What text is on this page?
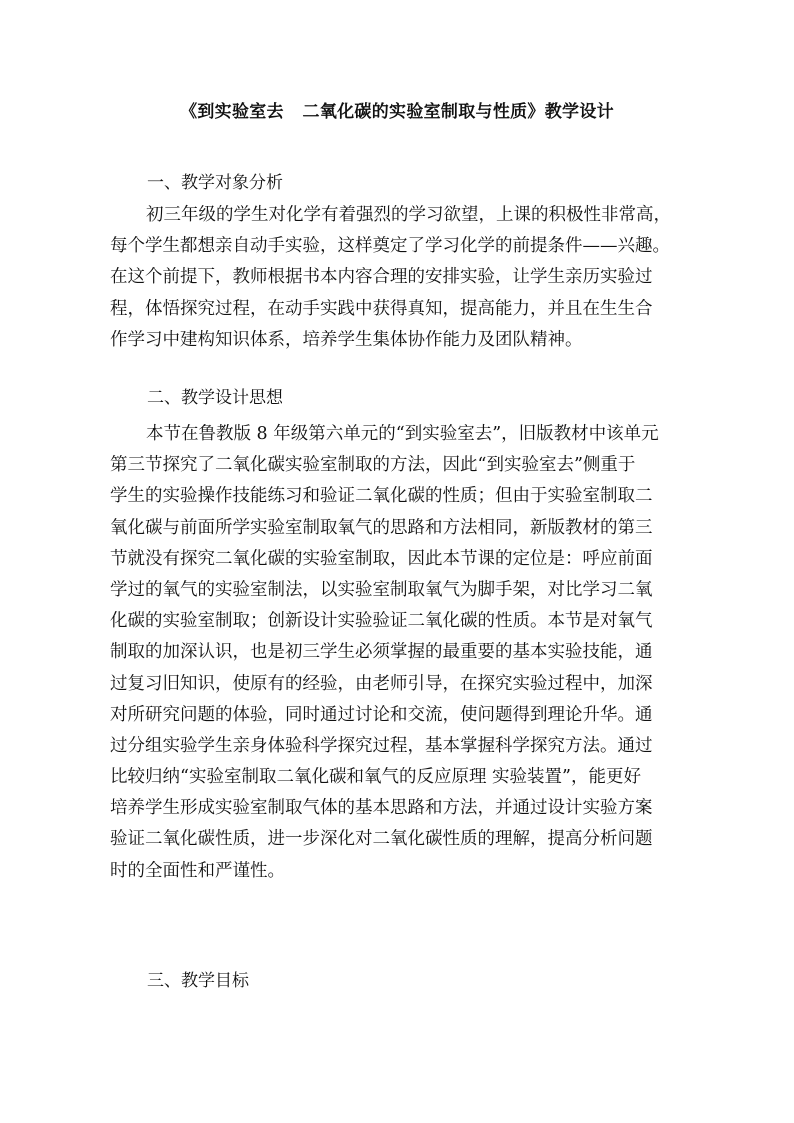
《到实验室去   二氧化碳的实验室制取与性质》教学设计
一、教学对象分析
初三年级的学生对化学有着强烈的学习欲望，上课的积极性非常高，
每个学生都想亲自动手实验，这样奠定了学习化学的前提条件——兴趣。
在这个前提下，教师根据书本内容合理的安排实验，让学生亲历实验过
程，体悟探究过程，在动手实践中获得真知，提高能力，并且在生生合
作学习中建构知识体系，培养学生集体协作能力及团队精神。
二、教学设计思想
本节在鲁教版 8 年级第六单元的“到实验室去”，旧版教材中该单元
第三节探究了二氧化碳实验室制取的方法，因此“到实验室去”侧重于
学生的实验操作技能练习和验证二氧化碳的性质；但由于实验室制取二
氧化碳与前面所学实验室制取氧气的思路和方法相同，新版教材的第三
节就没有探究二氧化碳的实验室制取，因此本节课的定位是：呼应前面
学过的氧气的实验室制法，以实验室制取氧气为脚手架，对比学习二氧
化碳的实验室制取；创新设计实验验证二氧化碳的性质。本节是对氧气
制取的加深认识，也是初三学生必须掌握的最重要的基本实验技能，通
过复习旧知识，使原有的经验，由老师引导，在探究实验过程中，加深
对所研究问题的体验，同时通过讨论和交流，使问题得到理论升华。通
过分组实验学生亲身体验科学探究过程，基本掌握科学探究方法。通过
比较归纳“实验室制取二氧化碳和氧气的反应原理 实验装置”，能更好
培养学生形成实验室制取气体的基本思路和方法，并通过设计实验方案
验证二氧化碳性质，进一步深化对二氧化碳性质的理解，提高分析问题
时的全面性和严谨性。
三、教学目标
